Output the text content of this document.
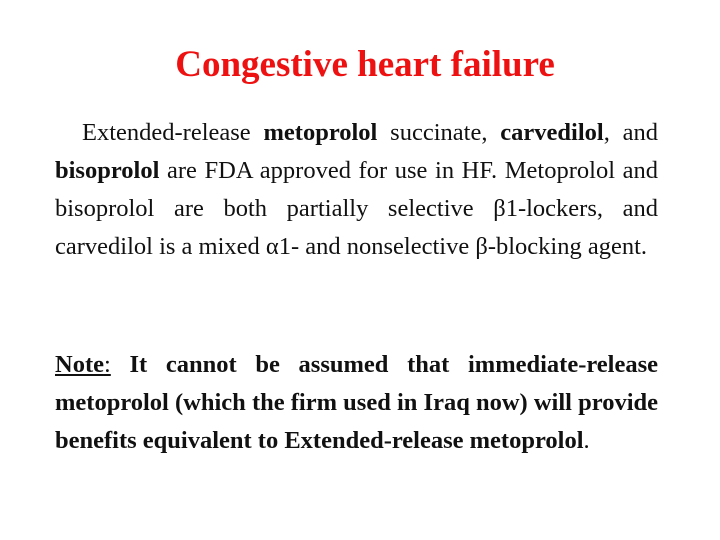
Congestive heart failure
Extended-release metoprolol succinate, carvedilol, and bisoprolol are FDA approved for use in HF. Metoprolol and bisoprolol are both partially selective β1-lockers, and carvedilol is a mixed α1- and nonselective β-blocking agent.
Note: It cannot be assumed that immediate-release metoprolol (which the firm used in Iraq now) will provide benefits equivalent to Extended-release metoprolol.
